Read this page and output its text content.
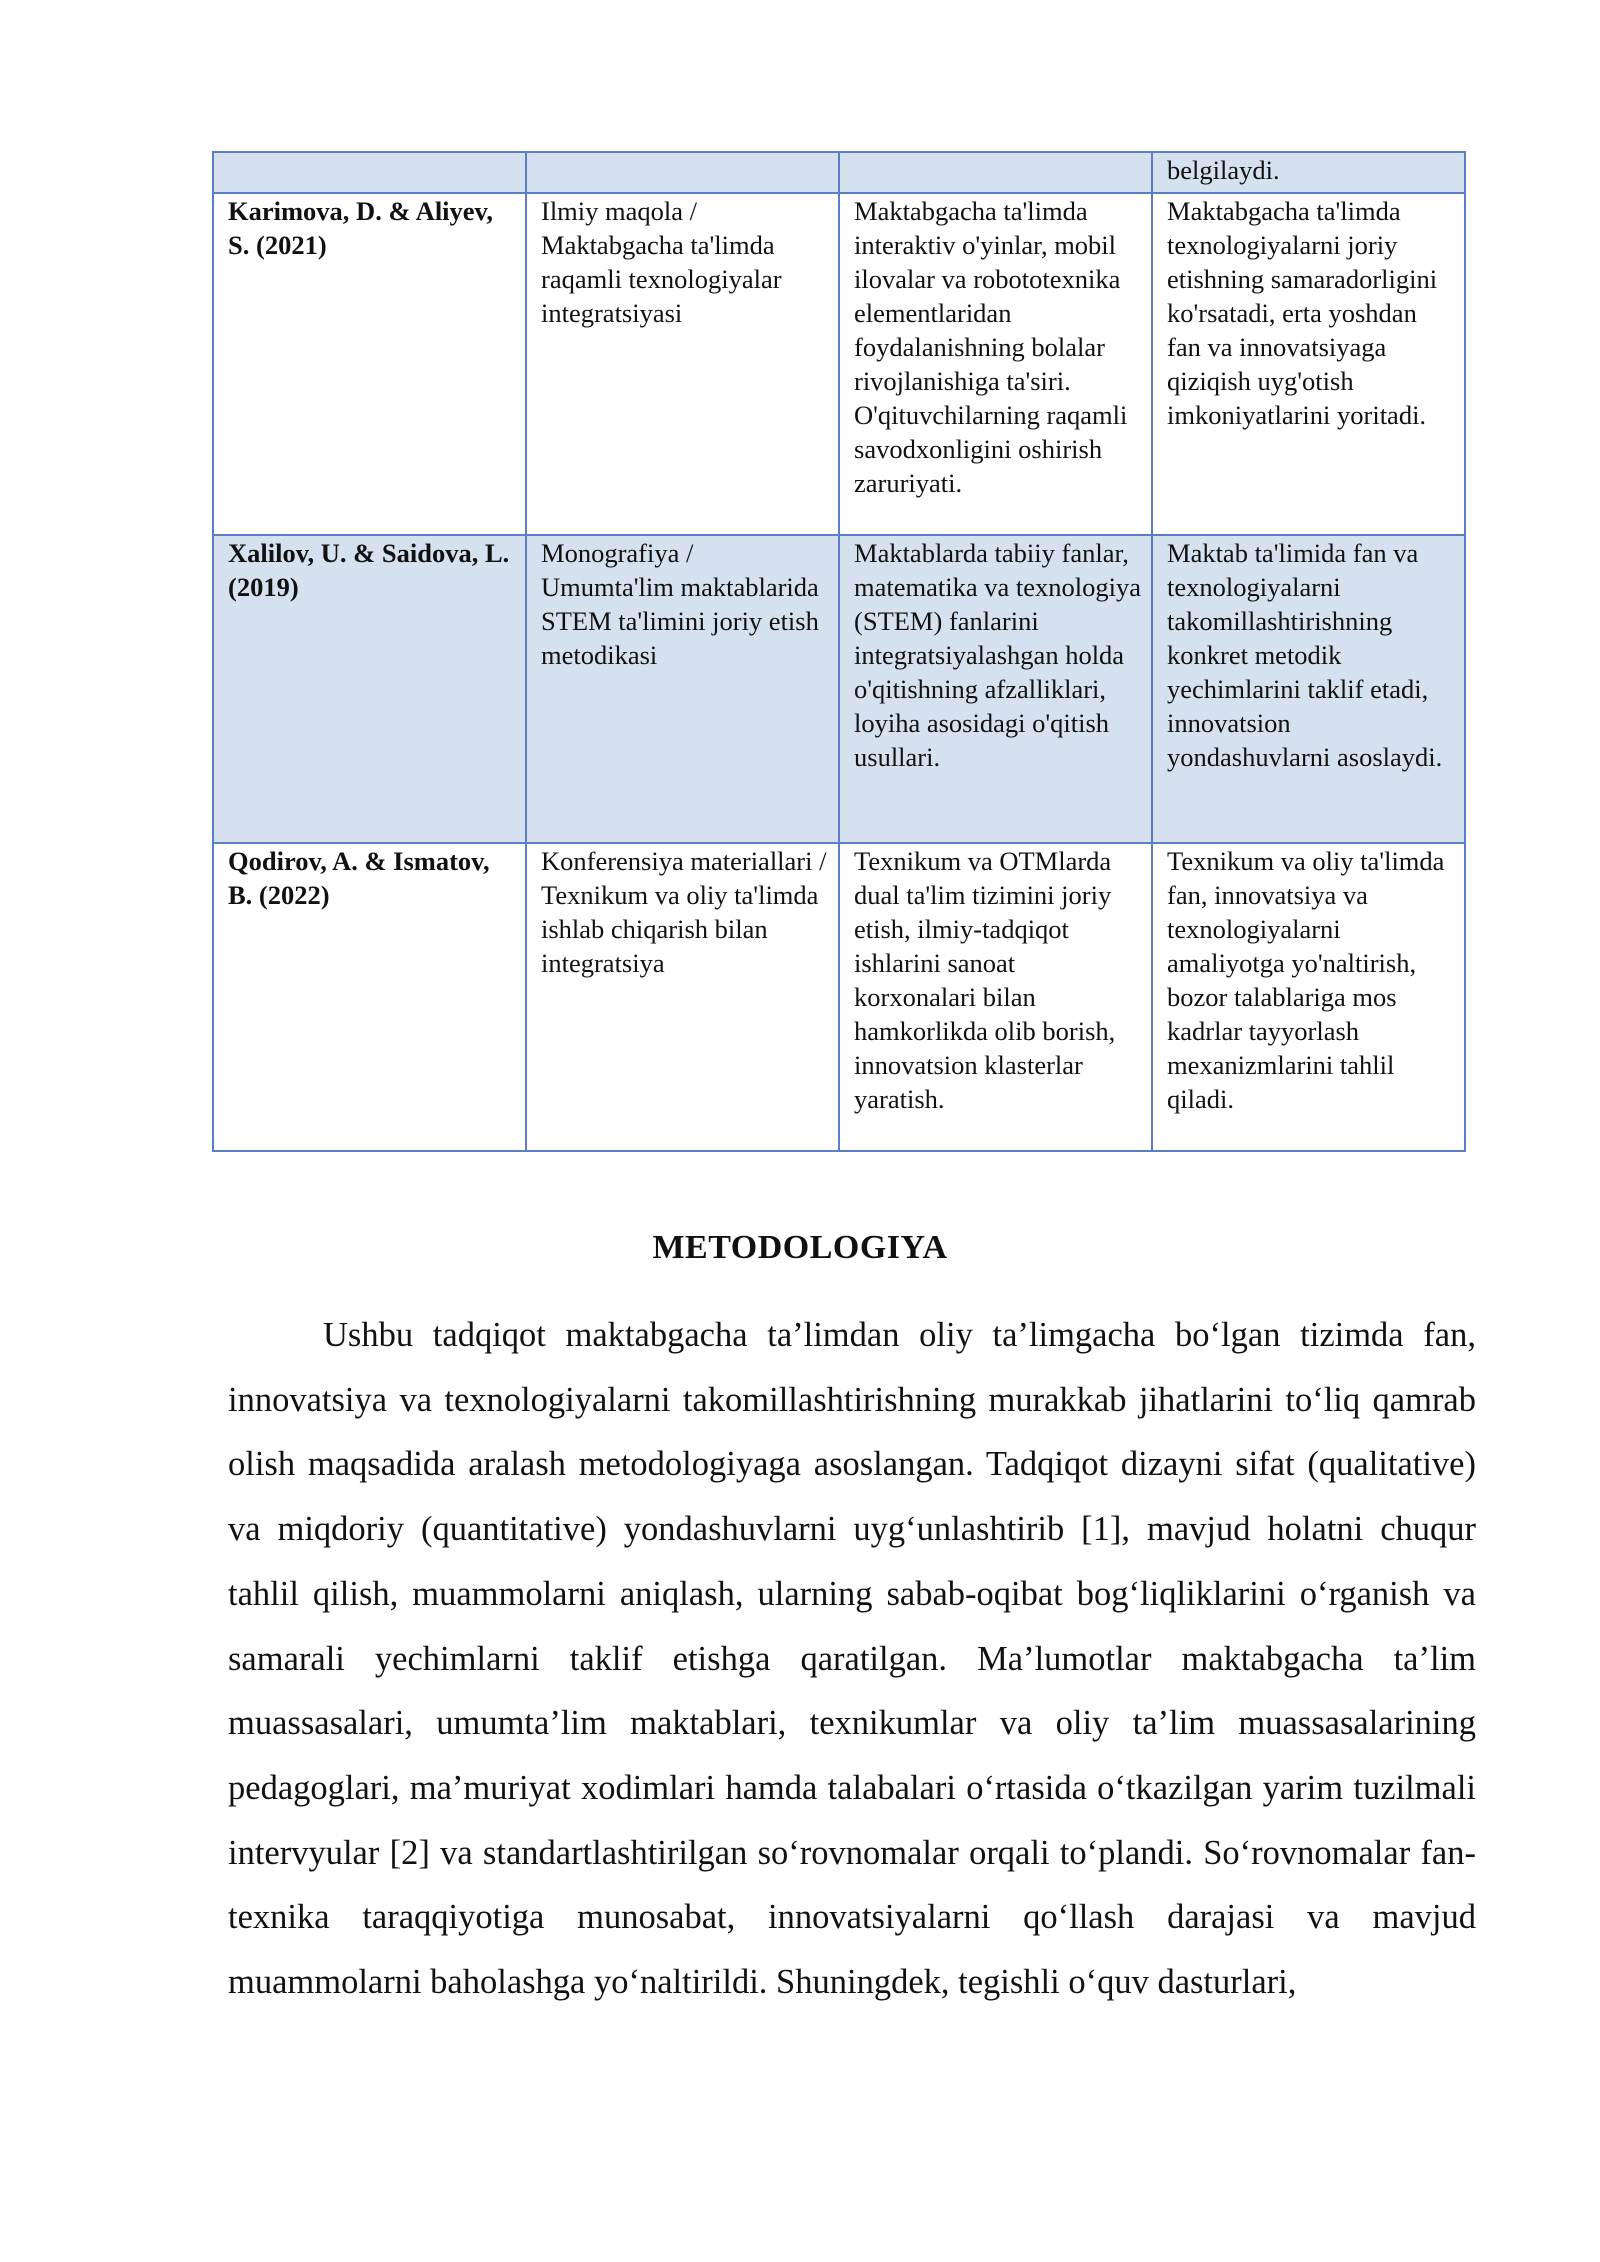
			belgilaydi.

Karimova, D. & Aliyev, S. (2021)	Ilmiy maqola / Maktabgacha ta'limda raqamli texnologiyalar integratsiyasi	Maktabgacha ta'limda interaktiv o'yinlar, mobil ilovalar va robototexnika elementlaridan foydalanishning bolalar rivojlanishiga ta'siri. O'qituvchilarning raqamli savodxonligini oshirish zaruriyati.	Maktabgacha ta'limda texnologiyalarni joriy etishning samaradorligini ko'rsatadi, erta yoshdan fan va innovatsiyaga qiziqish uyg'otish imkoniyatlarini yoritadi.

Xalilov, U. & Saidova, L. (2019)	Monografiya / Umumta'lim maktablarida STEM ta'limini joriy etish metodikasi	Maktablarda tabiiy fanlar, matematika va texnologiya (STEM) fanlarini integratsiyalashgan holda o'qitishning afzalliklari, loyiha asosidagi o'qitish usullari.	Maktab ta'limida fan va texnologiyalarni takomillashtirishning konkret metodik yechimlarini taklif etadi, innovatsion yondashuvlarni asoslaydi.

Qodirov, A. & Ismatov, B. (2022)	Konferensiya materiallari / Texnikum va oliy ta'limda ishlab chiqarish bilan integratsiya	Texnikum va OTMlarda dual ta'lim tizimini joriy etish, ilmiy-tadqiqot ishlarini sanoat korxonalari bilan hamkorlikda olib borish, innovatsion klasterlar yaratish.	Texnikum va oliy ta'limda fan, innovatsiya va texnologiyalarni amaliyotga yo'naltirish, bozor talablariga mos kadrlar tayyorlash mexanizmlarini tahlil qiladi.
METODOLOGIYA

Ushbu tadqiqot maktabgacha ta’limdan oliy ta’limgacha bo‘lgan tizimda fan, innovatsiya va texnologiyalarni takomillashtirishning murakkab jihatlarini to‘liq qamrab olish maqsadida aralash metodologiyaga asoslangan. Tadqiqot dizayni sifat (qualitative) va miqdoriy (quantitative) yondashuvlarni uyg‘unlashtirib [1], mavjud holatni chuqur tahlil qilish, muammolarni aniqlash, ularning sabab-oqibat bog‘liqliklarini o‘rganish va samarali yechimlarni taklif etishga qaratilgan. Ma’lumotlar maktabgacha ta’lim muassasalari, umumta’lim maktablari, texnikumlar va oliy ta’lim muassasalarining pedagoglari, ma’muriyat xodimlari hamda talabalari o‘rtasida o‘tkazilgan yarim tuzilmali intervyular [2] va standartlashtirilgan so‘rovnomalar orqali to‘plandi. So‘rovnomalar fan-texnika taraqqiyotiga munosabat, innovatsiyalarni qo‘llash darajasi va mavjud muammolarni baholashga yo‘naltirildi. Shuningdek, tegishli o‘quv dasturlari,
